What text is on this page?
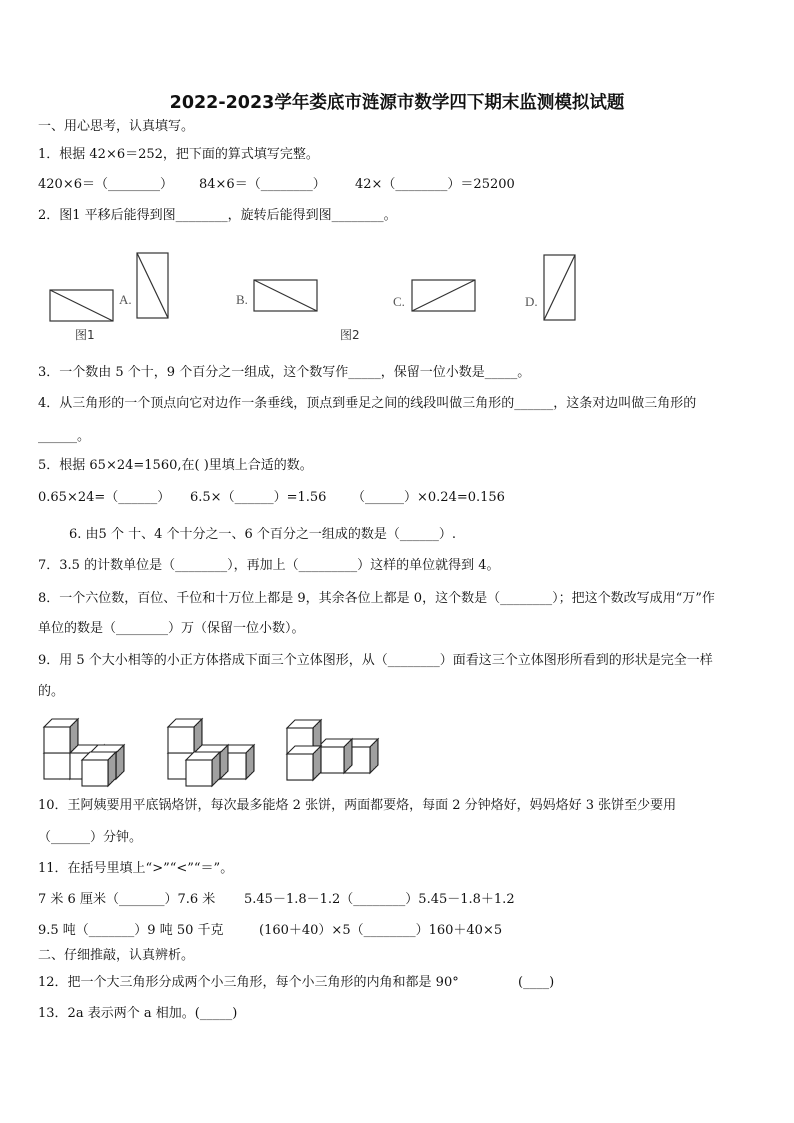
2022-2023学年娄底市涟源市数学四下期末监测模拟试题
一、用心思考，认真填写。
1．根据 42×6＝252，把下面的算式填写完整。
420×6＝（________） 84×6＝（________） 42×（________）＝25200
2．图1 平移后能得到图________，旋转后能得到图________。
A.	B.	C.	D.
图1	图2
3．一个数由 5 个十，9 个百分之一组成，这个数写作_____，保留一位小数是_____。
4．从三角形的一个顶点向它对边作一条垂线，顶点到垂足之间的线段叫做三角形的______，这条对边叫做三角形的
______。
5．根据 65×24=1560,在( )里填上合适的数。
0.65×24=（______） 6.5×（______）=1.56 （______）×0.24=0.156
6. 由5 个 十、4 个十分之一、6 个百分之一组成的数是（______）.
7．3.5 的计数单位是（________），再加上（_________）这样的单位就得到 4。
8．一个六位数，百位、千位和十万位上都是 9，其余各位上都是 0，这个数是（________）；把这个数改写成用“万”作
单位的数是（________）万（保留一位小数）。
9．用 5 个大小相等的小正方体搭成下面三个立体图形，从（________）面看这三个立体图形所看到的形状是完全一样
的。
10．王阿姨要用平底锅烙饼，每次最多能烙 2 张饼，两面都要烙，每面 2 分钟烙好，妈妈烙好 3 张饼至少要用
（______）分钟。
11．在括号里填上“>”“<”“＝”。
7 米 6 厘米（_______）7.6 米 5.45－1.8－1.2（________）5.45－1.8＋1.2
9.5 吨（_______）9 吨 50 千克	(160＋40）×5（________）160＋40×5
二、仔细推敲，认真辨析。
12．把一个大三角形分成两个小三角形，每个小三角形的内角和都是 90°	(____)
13．2a 表示两个 a 相加。(_____)
